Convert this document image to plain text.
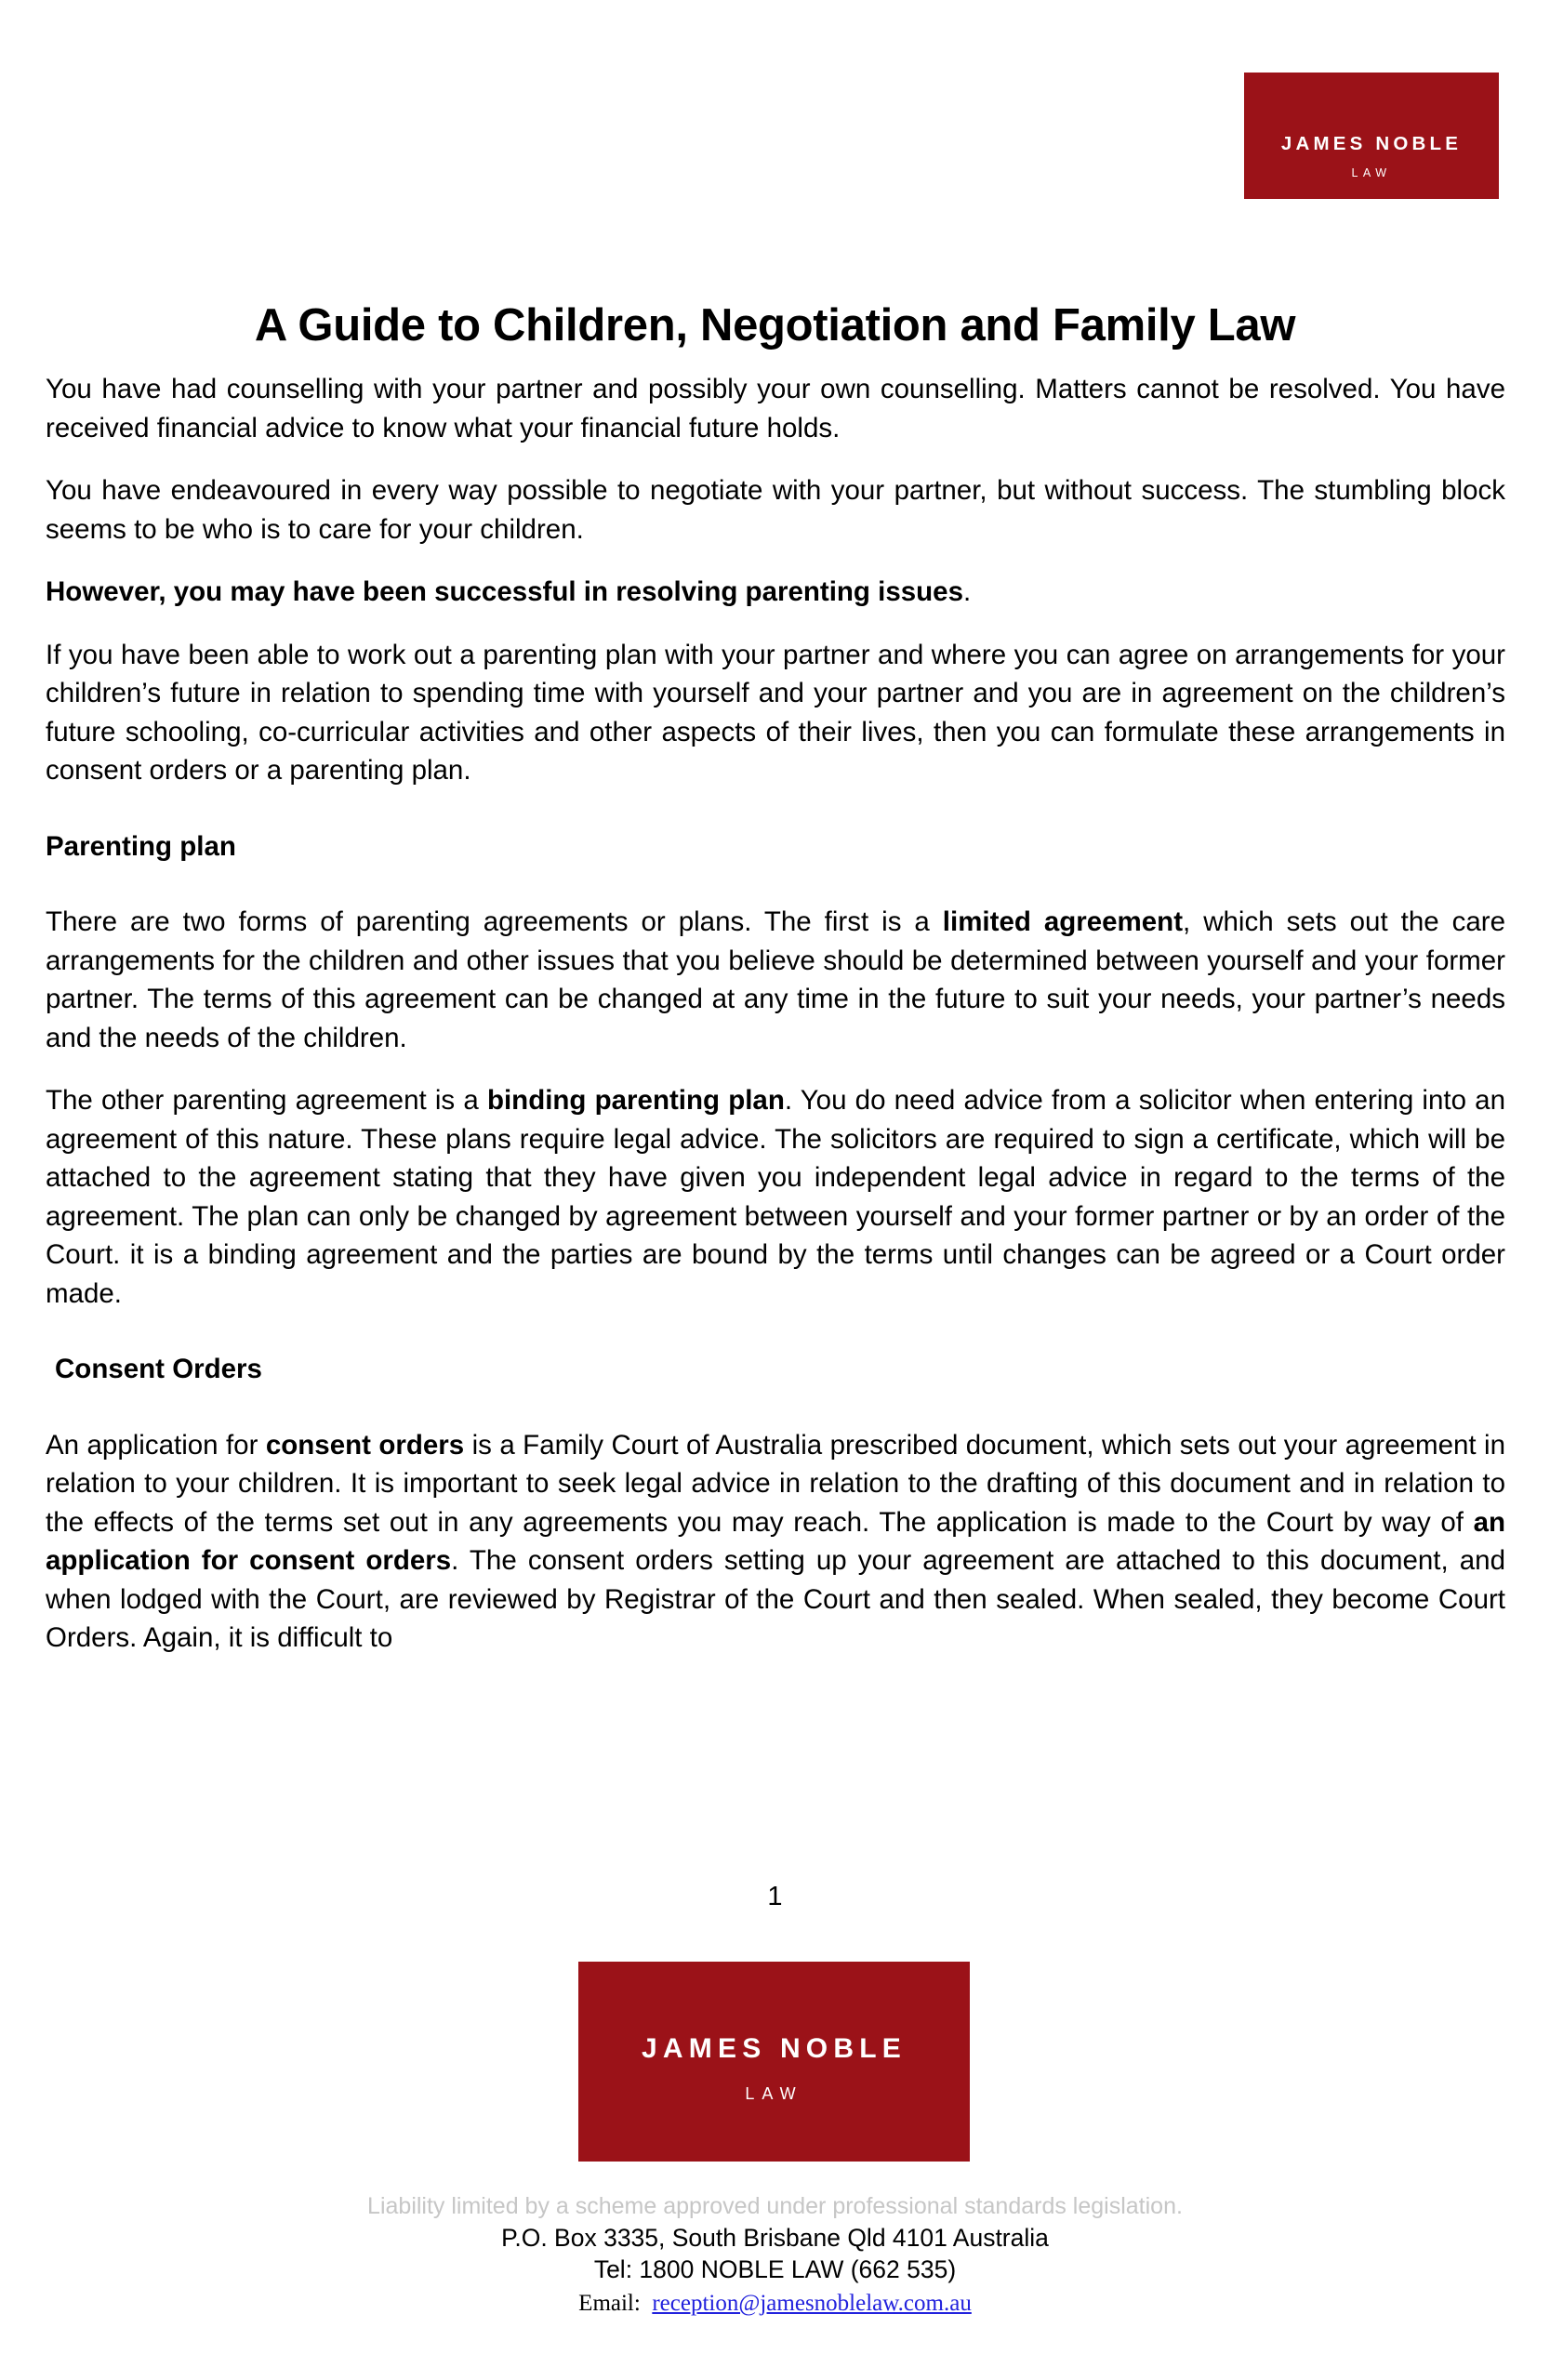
JAMES NOBLE
LAW
A Guide to Children, Negotiation and Family Law

You have had counselling with your partner and possibly your own counselling. Matters cannot be resolved. You have received financial advice to know what your financial future holds.

You have endeavoured in every way possible to negotiate with your partner, but without success. The stumbling block seems to be who is to care for your children.

However, you may have been successful in resolving parenting issues.

If you have been able to work out a parenting plan with your partner and where you can agree on arrangements for your children’s future in relation to spending time with yourself and your partner and you are in agreement on the children’s future schooling, co-curricular activities and other aspects of their lives, then you can formulate these arrangements in consent orders or a parenting plan.

Parenting plan

There are two forms of parenting agreements or plans. The first is a limited agreement, which sets out the care arrangements for the children and other issues that you believe should be determined between yourself and your former partner. The terms of this agreement can be changed at any time in the future to suit your needs, your partner’s needs and the needs of the children.

The other parenting agreement is a binding parenting plan. You do need advice from a solicitor when entering into an agreement of this nature. These plans require legal advice. The solicitors are required to sign a certificate, which will be attached to the agreement stating that they have given you independent legal advice in regard to the terms of the agreement. The plan can only be changed by agreement between yourself and your former partner or by an order of the Court. it is a binding agreement and the parties are bound by the terms until changes can be agreed or a Court order made.

Consent Orders

An application for consent orders is a Family Court of Australia prescribed document, which sets out your agreement in relation to your children. It is important to seek legal advice in relation to the drafting of this document and in relation to the effects of the terms set out in any agreements you may reach. The application is made to the Court by way of an application for consent orders. The consent orders setting up your agreement are attached to this document, and when lodged with the Court, are reviewed by Registrar of the Court and then sealed. When sealed, they become Court Orders. Again, it is difficult to

1
JAMES NOBLE
LAW
Liability limited by a scheme approved under professional standards legislation.
P.O. Box 3335, South Brisbane Qld 4101 Australia
Tel: 1800 NOBLE LAW (662 535)
Email: reception@jamesnoblelaw.com.au
